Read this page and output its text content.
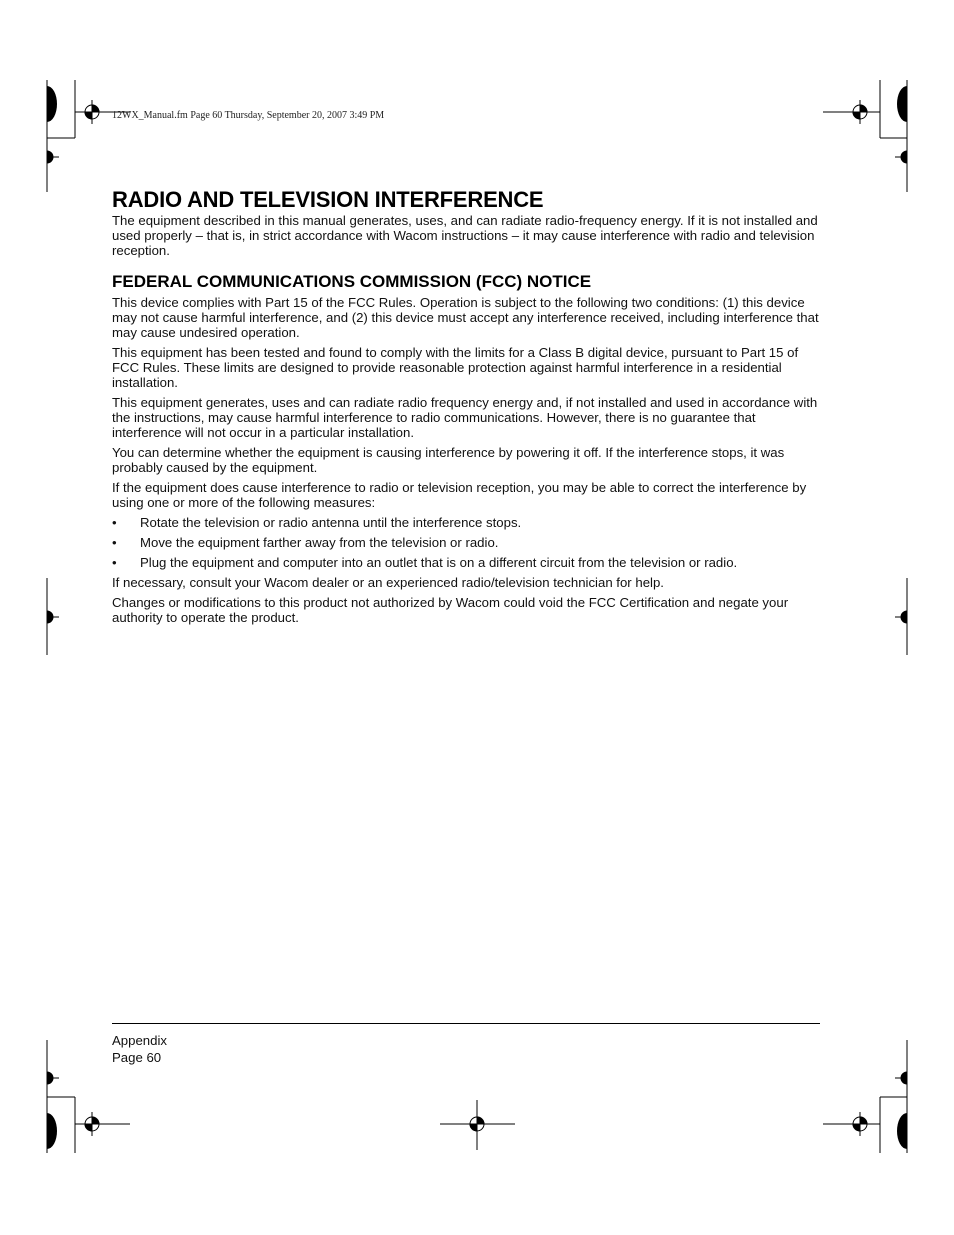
12WX_Manual.fm Page 60 Thursday, September 20, 2007 3:49 PM
RADIO AND TELEVISION INTERFERENCE

The equipment described in this manual generates, uses, and can radiate radio-frequency energy. If it is not installed and used properly – that is, in strict accordance with Wacom instructions – it may cause interference with radio and television reception.

FEDERAL COMMUNICATIONS COMMISSION (FCC) NOTICE

This device complies with Part 15 of the FCC Rules. Operation is subject to the following two conditions: (1) this device may not cause harmful interference, and (2) this device must accept any interference received, including interference that may cause undesired operation.

This equipment has been tested and found to comply with the limits for a Class B digital device, pursuant to Part 15 of FCC Rules. These limits are designed to provide reasonable protection against harmful interference in a residential installation.

This equipment generates, uses and can radiate radio frequency energy and, if not installed and used in accordance with the instructions, may cause harmful interference to radio communications. However, there is no guarantee that interference will not occur in a particular installation.

You can determine whether the equipment is causing interference by powering it off. If the interference stops, it was probably caused by the equipment.

If the equipment does cause interference to radio or television reception, you may be able to correct the interference by using one or more of the following measures:

•	Rotate the television or radio antenna until the interference stops.
•	Move the equipment farther away from the television or radio.
•	Plug the equipment and computer into an outlet that is on a different circuit from the television or radio.

If necessary, consult your Wacom dealer or an experienced radio/television technician for help.

Changes or modifications to this product not authorized by Wacom could void the FCC Certification and negate your authority to operate the product.

Appendix
Page 60
